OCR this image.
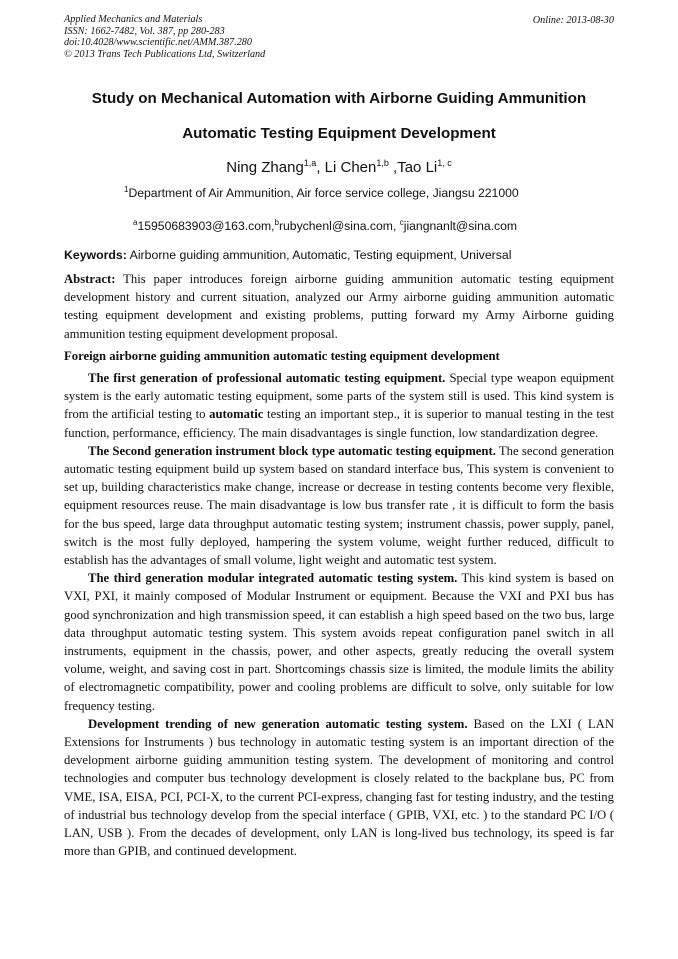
Applied Mechanics and Materials
ISSN: 1662-7482, Vol. 387, pp 280-283
doi:10.4028/www.scientific.net/AMM.387.280
© 2013 Trans Tech Publications Ltd, Switzerland
Online: 2013-08-30
Study on Mechanical Automation with Airborne Guiding Ammunition
Automatic Testing Equipment Development
Ning Zhang$^{1,a}$, Li Chen$^{1,b}$ ,Tao Li$^{1, c}$
$^1$Department of Air Ammunition, Air force service college, Jiangsu 221000
$^a$15950683903@163.com,$^b$rubychenl@sina.com, $^c$jiangnanlt@sina.com
Keywords: Airborne guiding ammunition, Automatic, Testing equipment, Universal

Abstract: This paper introduces foreign airborne guiding ammunition automatic testing equipment development history and current situation, analyzed our Army airborne guiding ammunition automatic testing equipment development and existing problems, putting forward my Army Airborne guiding ammunition testing equipment development proposal.

Foreign airborne guiding ammunition automatic testing equipment development

The first generation of professional automatic testing equipment. Special type weapon equipment system is the early automatic testing equipment, some parts of the system still is used. This kind system is from the artificial testing to automatic testing an important step., it is superior to manual testing in the test function, performance, efficiency. The main disadvantages is single function, low standardization degree.

The Second generation instrument block type automatic testing equipment. The second generation automatic testing equipment build up system based on standard interface bus, This system is convenient to set up, building characteristics make change, increase or decrease in testing contents become very flexible, equipment resources reuse. The main disadvantage is low bus transfer rate , it is difficult to form the basis for the bus speed, large data throughput automatic testing system; instrument chassis, power supply, panel, switch is the most fully deployed, hampering the system volume, weight further reduced, difficult to establish has the advantages of small volume, light weight and automatic test system.

The third generation modular integrated automatic testing system. This kind system is based on VXI, PXI, it mainly composed of Modular Instrument or equipment. Because the VXI and PXI bus has good synchronization and high transmission speed, it can establish a high speed based on the two bus, large data throughput automatic testing system. This system avoids repeat configuration panel switch in all instruments, equipment in the chassis, power, and other aspects, greatly reducing the overall system volume, weight, and saving cost in part. Shortcomings chassis size is limited, the module limits the ability of electromagnetic compatibility, power and cooling problems are difficult to solve, only suitable for low frequency testing.

Development trending of new generation automatic testing system. Based on the LXI ( LAN Extensions for Instruments ) bus technology in automatic testing system is an important direction of the development airborne guiding ammunition testing system. The development of monitoring and control technologies and computer bus technology development is closely related to the backplane bus, PC from VME, ISA, EISA, PCI, PCI-X, to the current PCI-express, changing fast for testing industry, and the testing of industrial bus technology develop from the special interface ( GPIB, VXI, etc. ) to the standard PC I/O ( LAN, USB ). From the decades of development, only LAN is long-lived bus technology, its speed is far more than GPIB, and continued development.
